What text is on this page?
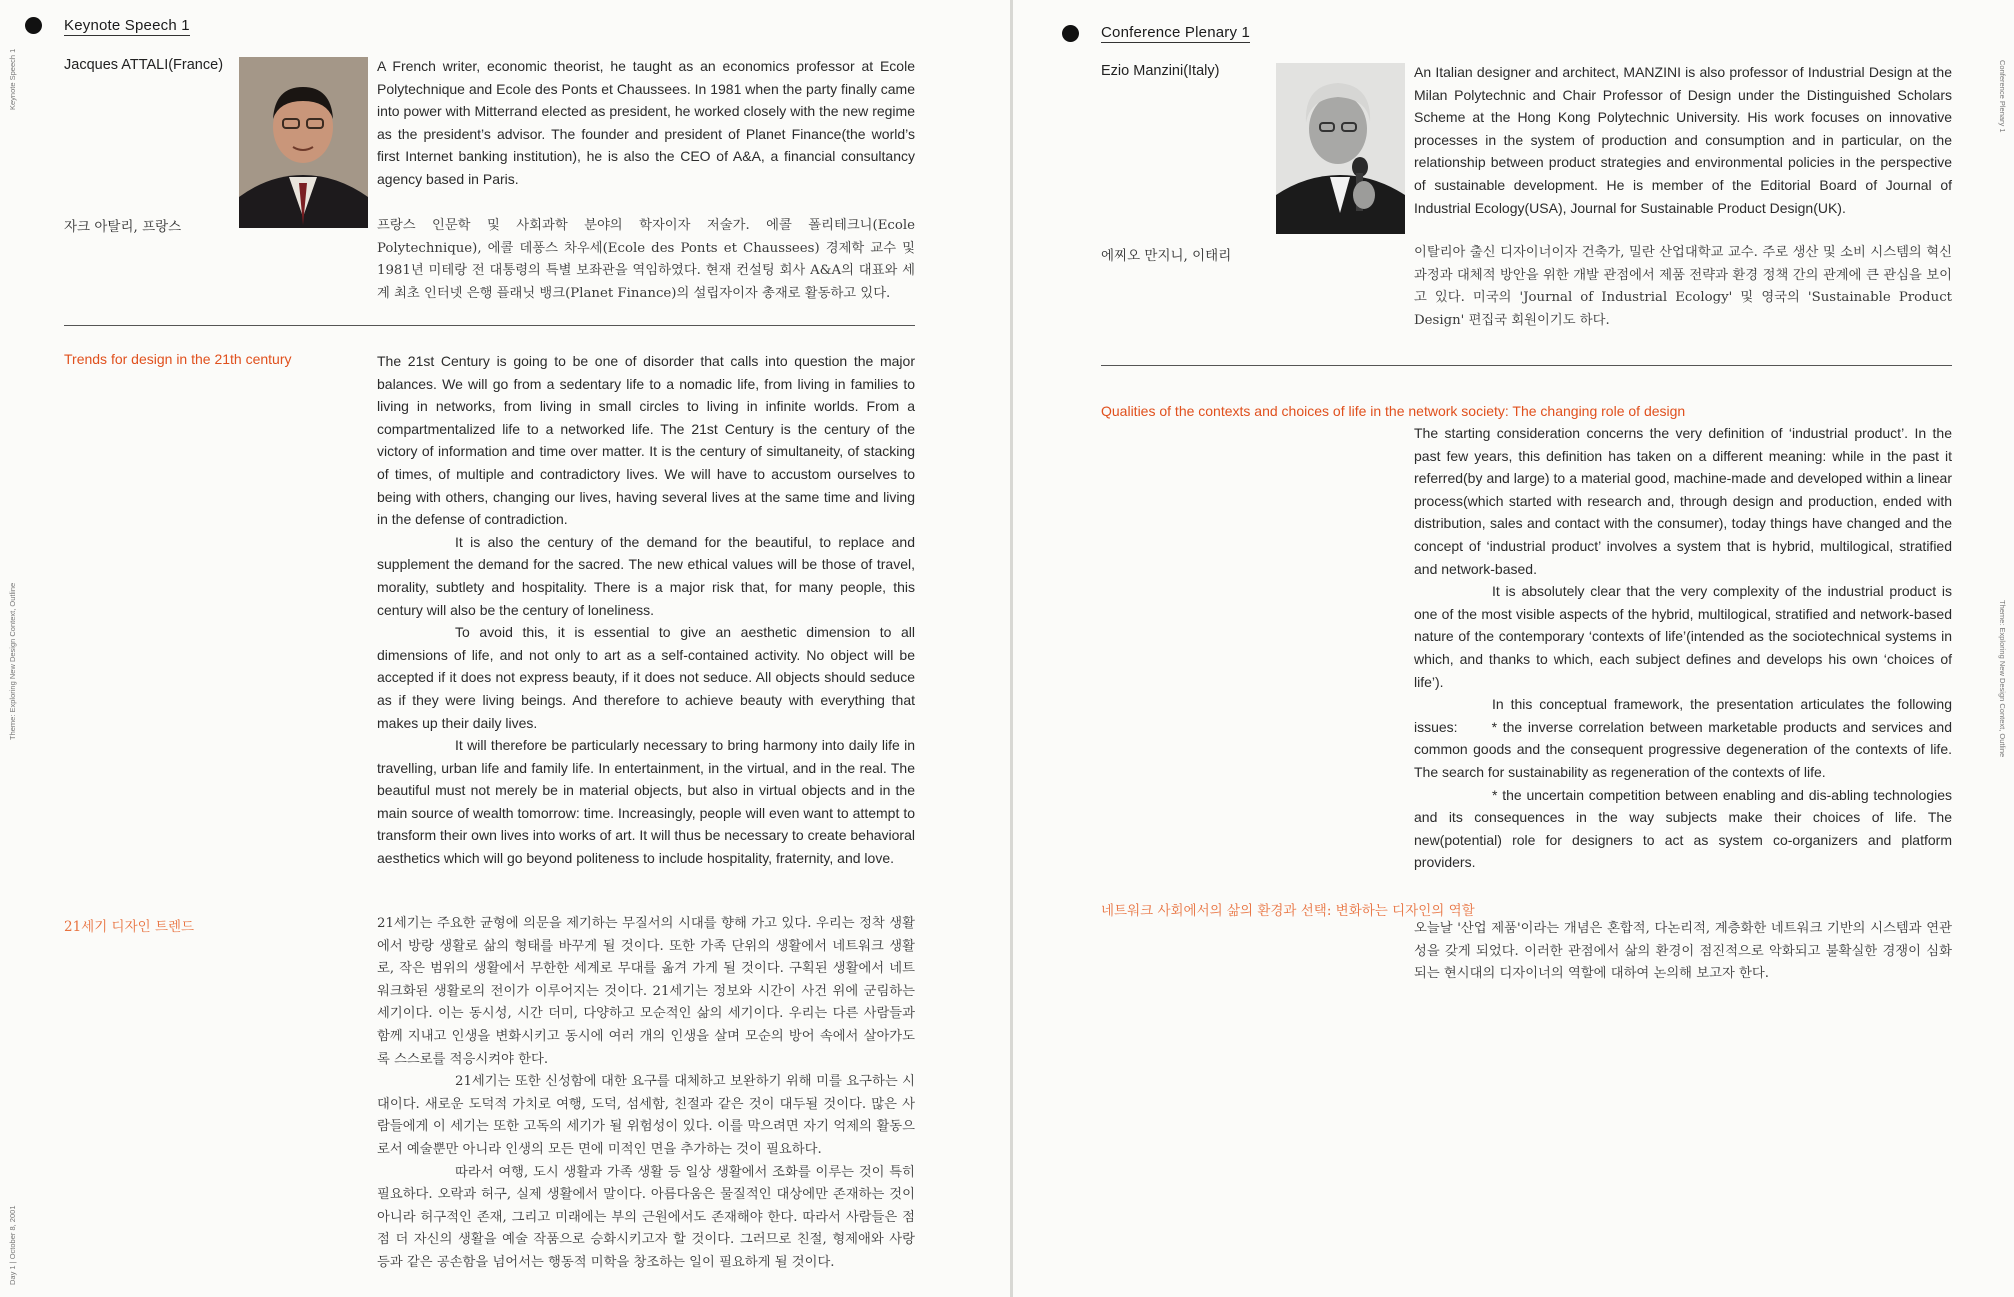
Keynote Speech 1
Jacques ATTALI(France)
자크 아탈리, 프랑스
A French writer, economic theorist, he taught as an economics professor at Ecole Polytechnique and Ecole des Ponts et Chaussees. In 1981 when the party finally came into power with Mitterrand elected as president, he worked closely with the new regime as the president’s advisor. The founder and president of Planet Finance(the world’s first Internet banking institution), he is also the CEO of A&A, a financial consultancy agency based in Paris.
프랑스 인문학 및 사회과학 분야의 학자이자 저술가. 에콜 폴리테크니(Ecole Polytechnique), 에콜 데퐁스 차우세(Ecole des Ponts et Chaussees) 경제학 교수 및 1981년 미테랑 전 대통령의 특별 보좌관을 역임하였다. 현재 컨설팅 회사 A&A의 대표와 세계 최초 인터넷 은행 플래닛 뱅크(Planet Finance)의 설립자이자 총재로 활동하고 있다.
Trends for design in the 21th century	The 21st Century is going to be one of disorder that calls into question the major balances. We will go from a sedentary life to a nomadic life, from living in families to living in networks, from living in small circles to living in infinite worlds. From a compartmentalized life to a networked life. The 21st Century is the century of the victory of information and time over matter. It is the century of simultaneity, of stacking of times, of multiple and contradictory lives. We will have to accustom ourselves to being with others, changing our lives, having several lives at the same time and living in the defense of contradiction.

It is also the century of the demand for the beautiful, to replace and supplement the demand for the sacred. The new ethical values will be those of travel, morality, subtlety and hospitality. There is a major risk that, for many people, this century will also be the century of loneliness.

To avoid this, it is essential to give an aesthetic dimension to all dimensions of life, and not only to art as a self-contained activity. No object will be accepted if it does not express beauty, if it does not seduce. All objects should seduce as if they were living beings. And therefore to achieve beauty with everything that makes up their daily lives.

It will therefore be particularly necessary to bring harmony into daily life in travelling, urban life and family life. In entertainment, in the virtual, and in the real. The beautiful must not merely be in material objects, but also in virtual objects and in the main source of wealth tomorrow: time. Increasingly, people will even want to attempt to transform their own lives into works of art. It will thus be necessary to create behavioral aesthetics which will go beyond politeness to include hospitality, fraternity, and love.

21세기 디자인 트렌드	21세기는 주요한 균형에 의문을 제기하는 무질서의 시대를 향해 가고 있다. 우리는 정착 생활에서 방랑 생활로 삶의 형태를 바꾸게 될 것이다. 또한 가족 단위의 생활에서 네트워크 생활로, 작은 범위의 생활에서 무한한 세계로 무대를 옮겨 가게 될 것이다. 구획된 생활에서 네트워크화된 생활로의 전이가 이루어지는 것이다. 21세기는 정보와 시간이 사건 위에 군림하는 세기이다. 이는 동시성, 시간 더미, 다양하고 모순적인 삶의 세기이다. 우리는 다른 사람들과 함께 지내고 인생을 변화시키고 동시에 여러 개의 인생을 살며 모순의 방어 속에서 살아가도록 스스로를 적응시켜야 한다.

21세기는 또한 신성함에 대한 요구를 대체하고 보완하기 위해 미를 요구하는 시대이다. 새로운 도덕적 가치로 여행, 도덕, 섬세함, 친절과 같은 것이 대두될 것이다. 많은 사람들에게 이 세기는 또한 고독의 세기가 될 위험성이 있다. 이를 막으려면 자기 억제의 활동으로서 예술뿐만 아니라 인생의 모든 면에 미적인 면을 추가하는 것이 필요하다.

따라서 여행, 도시 생활과 가족 생활 등 일상 생활에서 조화를 이루는 것이 특히 필요하다. 오락과 허구, 실제 생활에서 말이다. 아름다움은 물질적인 대상에만 존재하는 것이 아니라 허구적인 존재, 그리고 미래에는 부의 근원에서도 존재해야 한다. 따라서 사람들은 점점 더 자신의 생활을 예술 작품으로 승화시키고자 할 것이다. 그러므로 친절, 형제애와 사랑 등과 같은 공손함을 넘어서는 행동적 미학을 창조하는 일이 필요하게 될 것이다.

Keynote Speech 1
Theme: Exploring New Design Context, Outline
Day 1 | October 8, 2001
Conference Plenary 1
Ezio Manzini(Italy)
에찌오 만지니, 이태리
An Italian designer and architect, MANZINI is also professor of Industrial Design at the Milan Polytechnic and Chair Professor of Design under the Distinguished Scholars Scheme at the Hong Kong Polytechnic University. His work focuses on innovative processes in the system of production and consumption and in particular, on the relationship between product strategies and environmental policies in the perspective of sustainable development. He is member of the Editorial Board of Journal of Industrial Ecology(USA), Journal for Sustainable Product Design(UK).
이탈리아 출신 디자이너이자 건축가, 밀란 산업대학교 교수. 주로 생산 및 소비 시스템의 혁신 과정과 대체적 방안을 위한 개발 관점에서 제품 전략과 환경 정책 간의 관계에 큰 관심을 보이고 있다. 미국의 'Journal of Industrial Ecology' 및 영국의 'Sustainable Product Design' 편집국 회원이기도 하다.
Qualities of the contexts and choices of life in the network society: The changing role of design

The starting consideration concerns the very definition of ‘industrial product’. In the past few years, this definition has taken on a different meaning: while in the past it referred(by and large) to a material good, machine-made and developed within a linear process(which started with research and, through design and production, ended with distribution, sales and contact with the consumer), today things have changed and the concept of ‘industrial product’ involves a system that is hybrid, multilogical, stratified and network-based.

It is absolutely clear that the very complexity of the industrial product is one of the most visible aspects of the hybrid, multilogical, stratified and network-based nature of the contemporary ‘contexts of life’(intended as the sociotechnical systems in which, and thanks to which, each subject defines and develops his own ‘choices of life’).

In this conceptual framework, the presentation articulates the following issues:      * the inverse correlation between marketable products and services and common goods and the consequent progressive degeneration of the contexts of life. The search for sustainability as regeneration of the contexts of life.

* the uncertain competition between enabling and dis-abling technologies and its consequences in the way subjects make their choices of life. The new(potential) role for designers to act as system co-organizers and platform providers.

네트워크 사회에서의 삶의 환경과 선택: 변화하는 디자인의 역할

오늘날 '산업 제품'이라는 개념은 혼합적, 다논리적, 계층화한 네트워크 기반의 시스템과 연관성을 갖게 되었다. 이러한 관점에서 삶의 환경이 점진적으로 악화되고 불확실한 경쟁이 심화되는 현시대의 디자이너의 역할에 대하여 논의해 보고자 한다.

Conference Plenary 1
Theme: Exploring New Design Context, Outline
